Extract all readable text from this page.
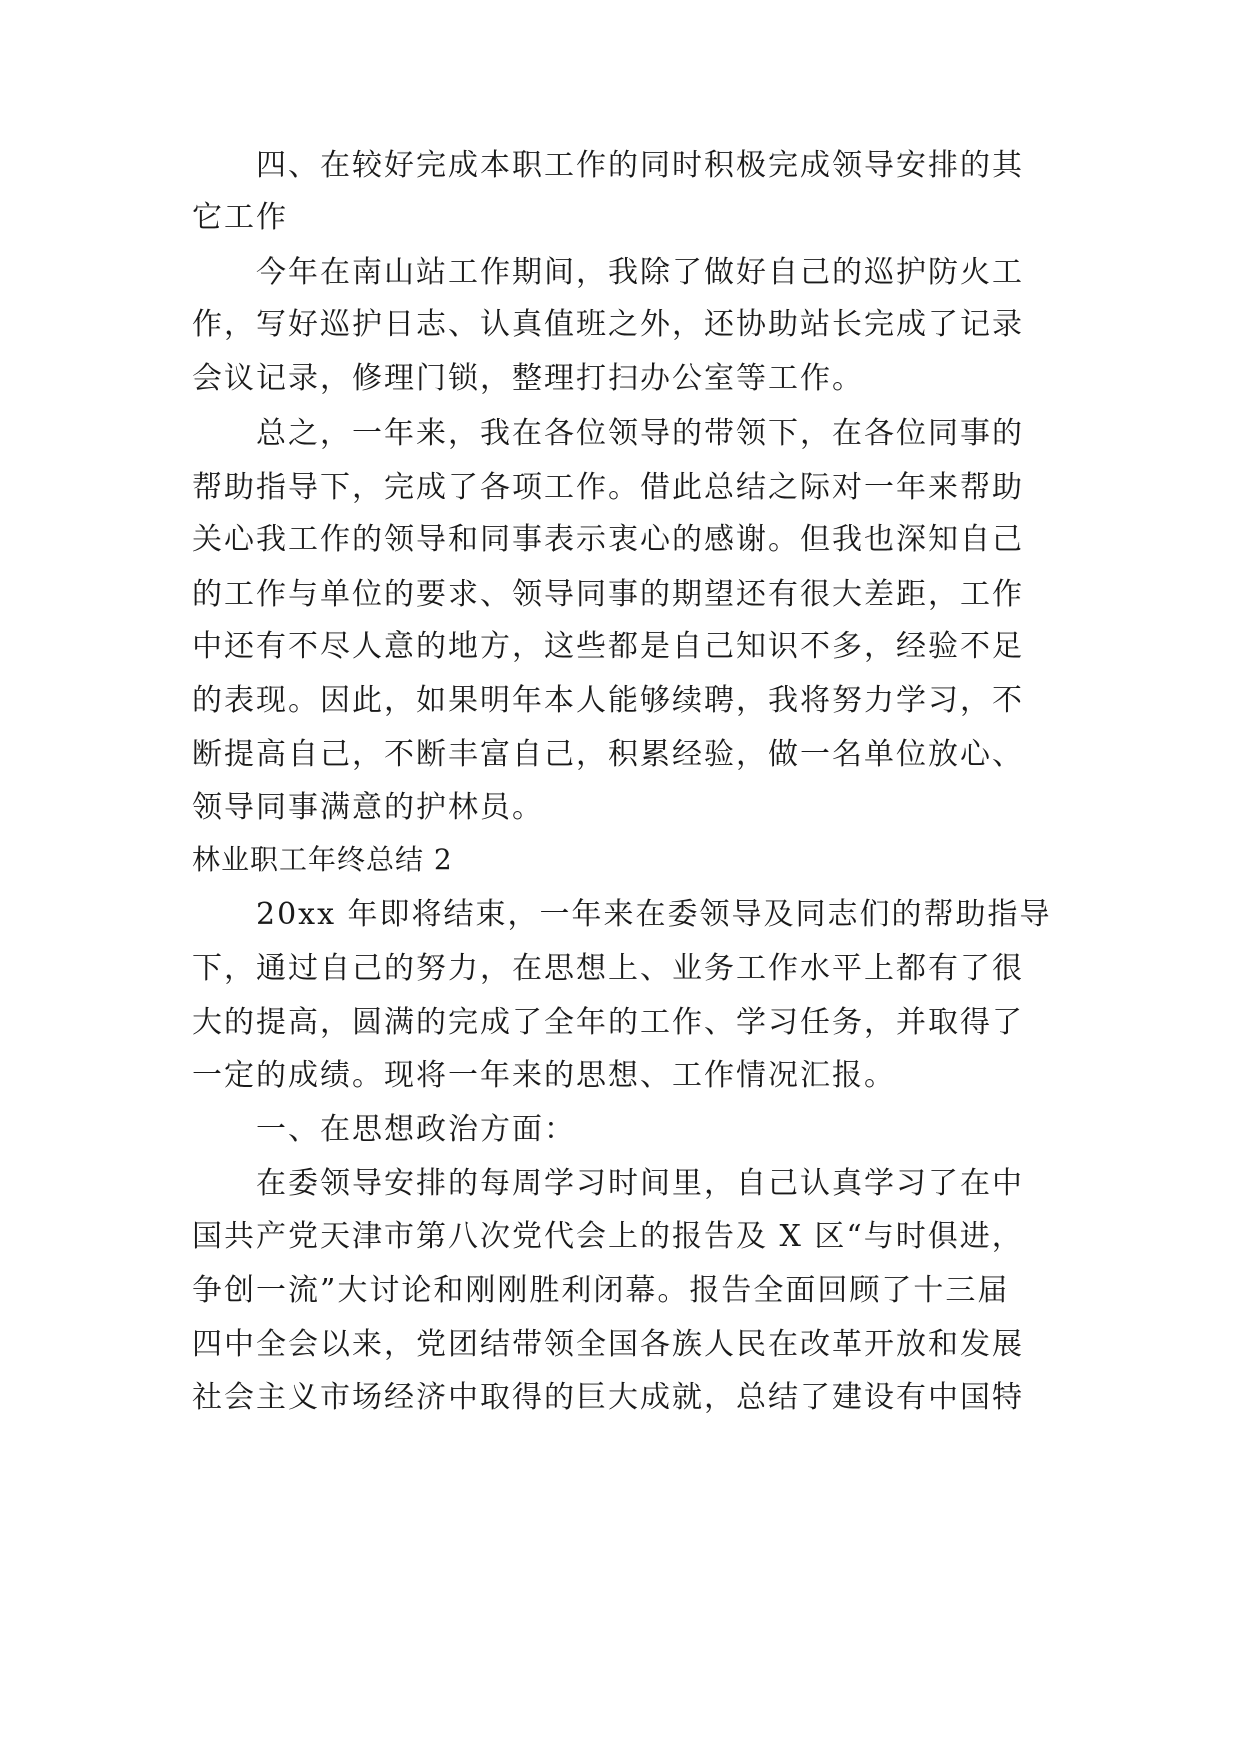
四、在较好完成本职工作的同时积极完成领导安排的其
它工作
今年在南山站工作期间，我除了做好自己的巡护防火工
作，写好巡护日志、认真值班之外，还协助站长完成了记录
会议记录，修理门锁，整理打扫办公室等工作。
总之，一年来，我在各位领导的带领下，在各位同事的
帮助指导下，完成了各项工作。借此总结之际对一年来帮助
关心我工作的领导和同事表示衷心的感谢。但我也深知自己
的工作与单位的要求、领导同事的期望还有很大差距，工作
中还有不尽人意的地方，这些都是自己知识不多，经验不足
的表现。因此，如果明年本人能够续聘，我将努力学习，不
断提高自己，不断丰富自己，积累经验，做一名单位放心、
领导同事满意的护林员。
林业职工年终总结 2
20xx 年即将结束，一年来在委领导及同志们的帮助指导
下，通过自己的努力，在思想上、业务工作水平上都有了很
大的提高，圆满的完成了全年的工作、学习任务，并取得了
一定的成绩。现将一年来的思想、工作情况汇报。
一、在思想政治方面：
在委领导安排的每周学习时间里，自己认真学习了在中
国共产党天津市第八次党代会上的报告及 X 区“与时俱进，
争创一流”大讨论和刚刚胜利闭幕。报告全面回顾了十三届
四中全会以来，党团结带领全国各族人民在改革开放和发展
社会主义市场经济中取得的巨大成就，总结了建设有中国特
